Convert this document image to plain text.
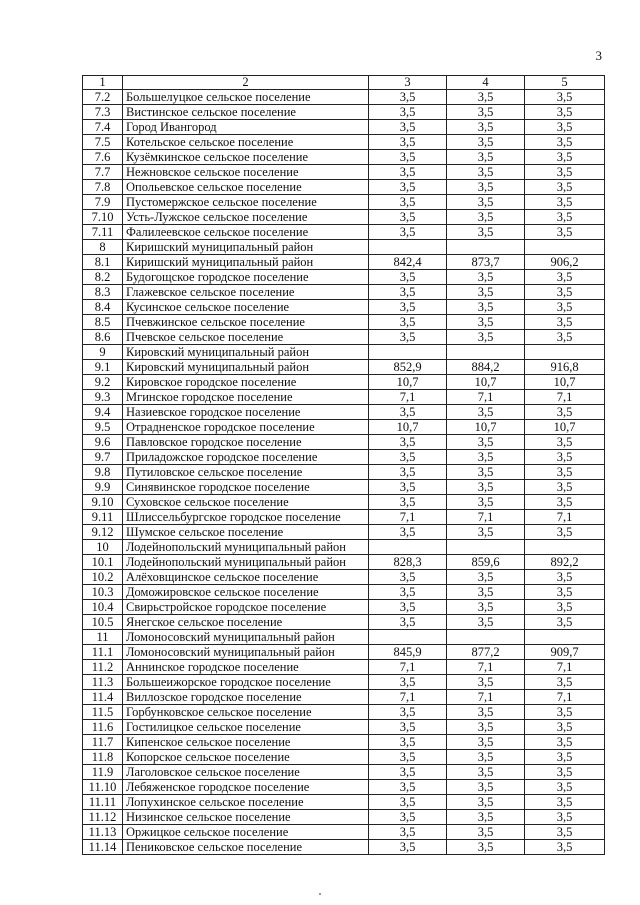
3
1	2	3	4	5
7.2	Большелуцкое сельское поселение	3,5	3,5	3,5
7.3	Вистинское сельское поселение	3,5	3,5	3,5
7.4	Город Ивангород	3,5	3,5	3,5
7.5	Котельское сельское поселение	3,5	3,5	3,5
7.6	Кузёмкинское сельское поселение	3,5	3,5	3,5
7.7	Нежновское сельское поселение	3,5	3,5	3,5
7.8	Опольевское сельское поселение	3,5	3,5	3,5
7.9	Пустомержское сельское поселение	3,5	3,5	3,5
7.10	Усть-Лужское сельское поселение	3,5	3,5	3,5
7.11	Фалилеевское сельское поселение	3,5	3,5	3,5
8	Киришский муниципальный район			
8.1	Киришский муниципальный район	842,4	873,7	906,2
8.2	Будогощское городское поселение	3,5	3,5	3,5
8.3	Глажевское сельское поселение	3,5	3,5	3,5
8.4	Кусинское сельское поселение	3,5	3,5	3,5
8.5	Пчевжинское сельское поселение	3,5	3,5	3,5
8.6	Пчевское сельское поселение	3,5	3,5	3,5
9	Кировский муниципальный район			
9.1	Кировский муниципальный район	852,9	884,2	916,8
9.2	Кировское городское поселение	10,7	10,7	10,7
9.3	Мгинское городское поселение	7,1	7,1	7,1
9.4	Назиевское городское поселение	3,5	3,5	3,5
9.5	Отрадненское городское поселение	10,7	10,7	10,7
9.6	Павловское городское поселение	3,5	3,5	3,5
9.7	Приладожское городское поселение	3,5	3,5	3,5
9.8	Путиловское сельское поселение	3,5	3,5	3,5
9.9	Синявинское городское поселение	3,5	3,5	3,5
9.10	Суховское сельское поселение	3,5	3,5	3,5
9.11	Шлиссельбургское городское поселение	7,1	7,1	7,1
9.12	Шумское сельское поселение	3,5	3,5	3,5
10	Лодейнопольский муниципальный район			
10.1	Лодейнопольский муниципальный район	828,3	859,6	892,2
10.2	Алёховщинское сельское поселение	3,5	3,5	3,5
10.3	Доможировское сельское поселение	3,5	3,5	3,5
10.4	Свирьстройское городское поселение	3,5	3,5	3,5
10.5	Янегское сельское поселение	3,5	3,5	3,5
11	Ломоносовский муниципальный район			
11.1	Ломоносовский муниципальный район	845,9	877,2	909,7
11.2	Аннинское городское поселение	7,1	7,1	7,1
11.3	Большеижорское городское поселение	3,5	3,5	3,5
11.4	Виллозское городское поселение	7,1	7,1	7,1
11.5	Горбунковское сельское поселение	3,5	3,5	3,5
11.6	Гостилицкое сельское поселение	3,5	3,5	3,5
11.7	Кипенское сельское поселение	3,5	3,5	3,5
11.8	Копорское сельское поселение	3,5	3,5	3,5
11.9	Лаголовское сельское поселение	3,5	3,5	3,5
11.10	Лебяженское городское поселение	3,5	3,5	3,5
11.11	Лопухинское сельское поселение	3,5	3,5	3,5
11.12	Низинское сельское поселение	3,5	3,5	3,5
11.13	Оржицкое сельское поселение	3,5	3,5	3,5
11.14	Пениковское сельское поселение	3,5	3,5	3,5
